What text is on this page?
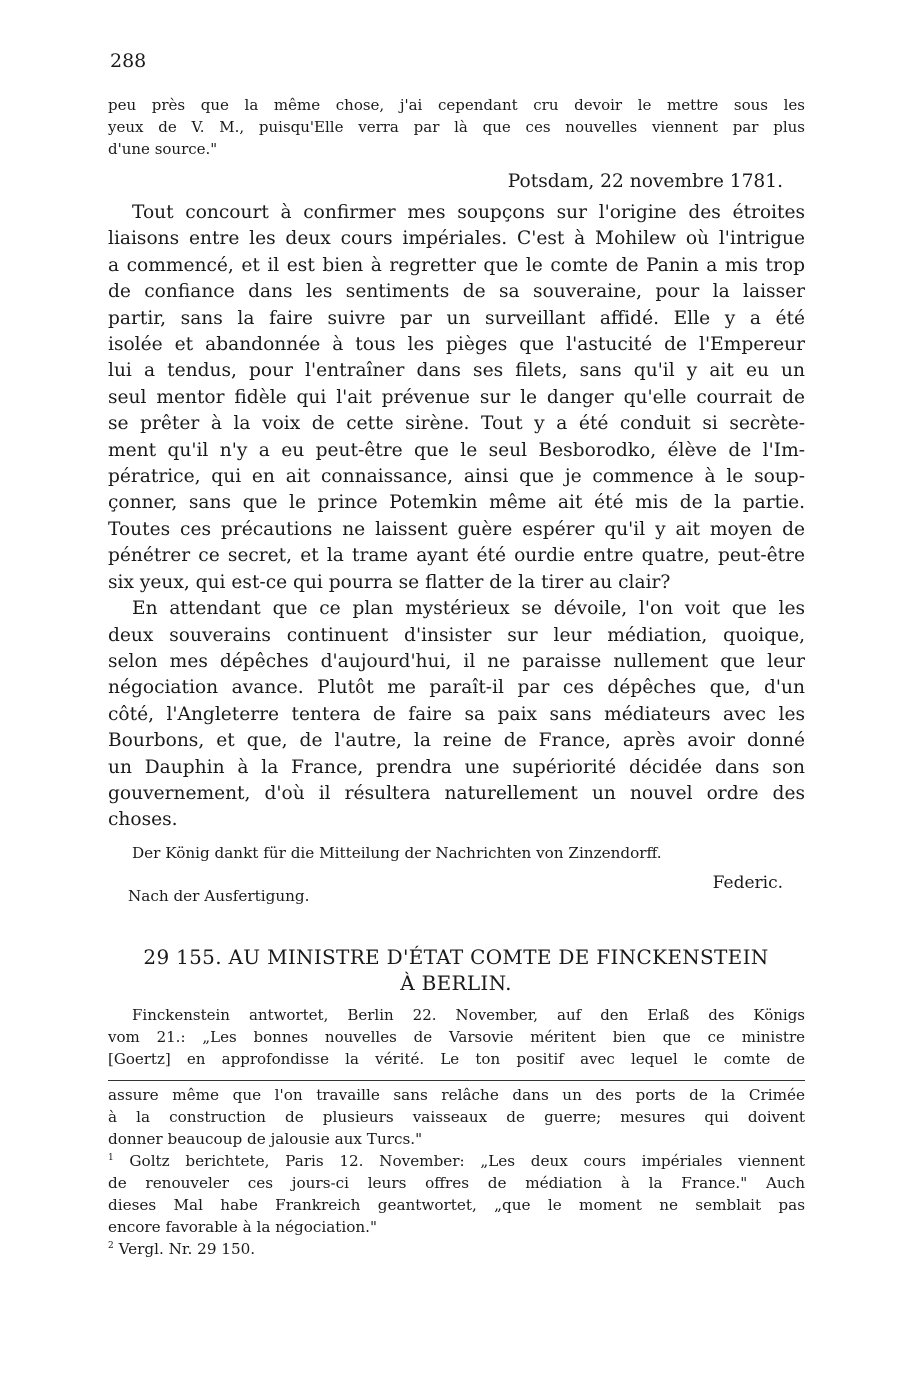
288
peu près que la même chose, j'ai cependant cru devoir le mettre sous les
yeux de V. M., puisqu'Elle verra par là que ces nouvelles viennent par plus
d'une source."
Potsdam, 22 novembre 1781.
Tout concourt à confirmer mes soupçons sur l'origine des étroites
liaisons entre les deux cours impériales. C'est à Mohilew où l'intrigue
a commencé, et il est bien à regretter que le comte de Panin a mis trop
de confiance dans les sentiments de sa souveraine, pour la laisser
partir, sans la faire suivre par un surveillant affidé. Elle y a été
isolée et abandonnée à tous les pièges que l'astucité de l'Empereur
lui a tendus, pour l'entraîner dans ses filets, sans qu'il y ait eu un
seul mentor fidèle qui l'ait prévenue sur le danger qu'elle courrait de
se prêter à la voix de cette sirène. Tout y a été conduit si secrète-
ment qu'il n'y a eu peut-être que le seul Besborodko, élève de l'Im-
pératrice, qui en ait connaissance, ainsi que je commence à le soup-
çonner, sans que le prince Potemkin même ait été mis de la partie.
Toutes ces précautions ne laissent guère espérer qu'il y ait moyen de
pénétrer ce secret, et la trame ayant été ourdie entre quatre, peut-être
six yeux, qui est-ce qui pourra se flatter de la tirer au clair?
En attendant que ce plan mystérieux se dévoile, l'on voit que les
deux souverains continuent d'insister sur leur médiation, quoique,
selon mes dépêches d'aujourd'hui, il ne paraisse nullement que leur
négociation avance. Plutôt me paraît-il par ces dépêches que, d'un
côté, l'Angleterre tentera de faire sa paix sans médiateurs avec les
Bourbons, et que, de l'autre, la reine de France, après avoir donné
un Dauphin à la France, prendra une supériorité décidée dans son
gouvernement, d'où il résultera naturellement un nouvel ordre des
choses.
Der König dankt für die Mitteilung der Nachrichten von Zinzendorff.
Federic.
Nach der Ausfertigung.
29 155. AU MINISTRE D'ÉTAT COMTE DE FINCKENSTEIN
À BERLIN.
Finckenstein antwortet, Berlin 22. November, auf den Erlaß des Königs
vom 21.: „Les bonnes nouvelles de Varsovie méritent bien que ce ministre
[Goertz] en approfondisse la vérité. Le ton positif avec lequel le comte de
assure même que l'on travaille sans relâche dans un des ports de la Crimée
à la construction de plusieurs vaisseaux de guerre; mesures qui doivent
donner beaucoup de jalousie aux Turcs."
$^1$ Goltz berichtete, Paris 12. November: „Les deux cours impériales viennent
de renouveler ces jours-ci leurs offres de médiation à la France." Auch
dieses Mal habe Frankreich geantwortet, „que le moment ne semblait pas
encore favorable à la négociation."
$^2$ Vergl. Nr. 29 150.
